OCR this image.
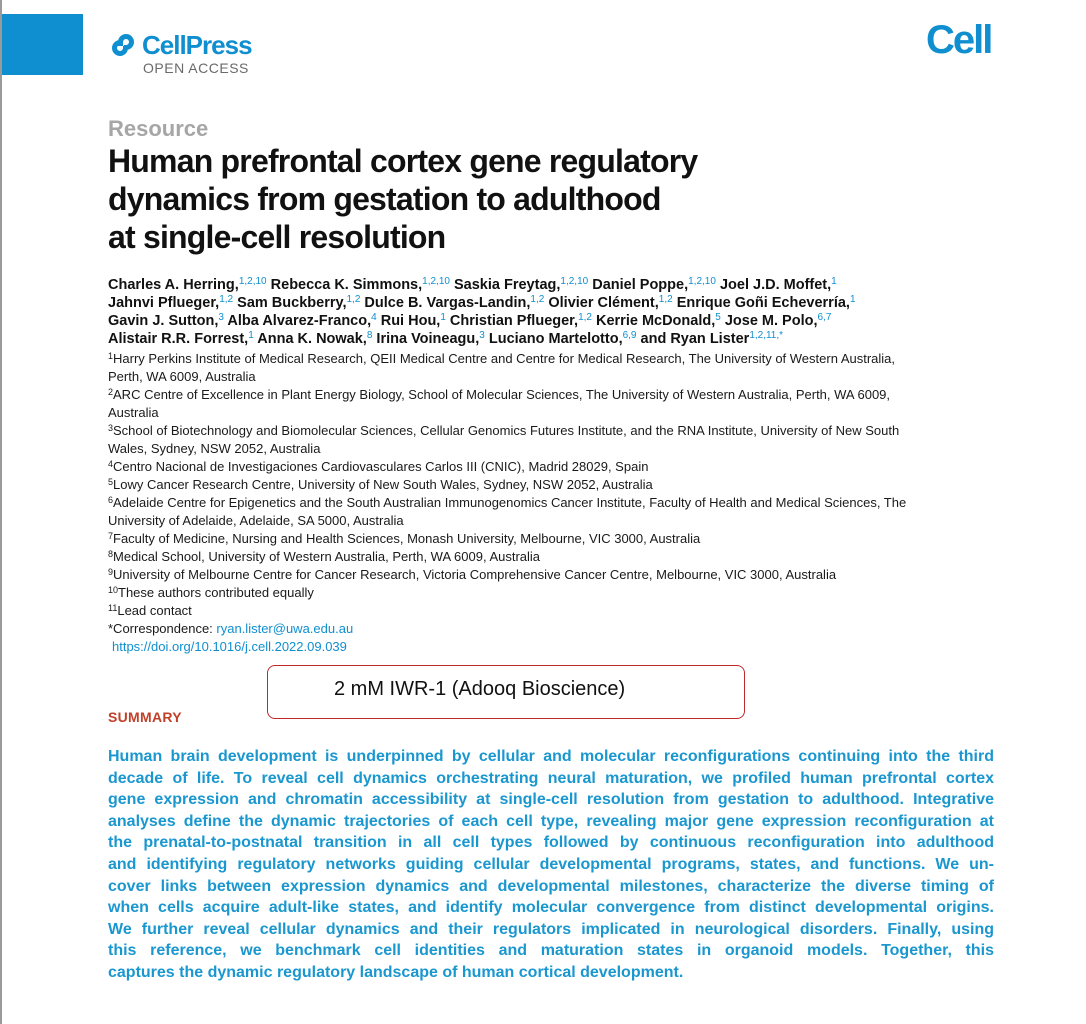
CellPress
OPEN ACCESS
Cell
Resource
Human prefrontal cortex gene regulatory
dynamics from gestation to adulthood
at single-cell resolution
Charles A. Herring,$^{1,2,10}$ Rebecca K. Simmons,$^{1,2,10}$ Saskia Freytag,$^{1,2,10}$ Daniel Poppe,$^{1,2,10}$ Joel J.D. Moffet,$^1$
Jahnvi Pflueger,$^{1,2}$ Sam Buckberry,$^{1,2}$ Dulce B. Vargas-Landin,$^{1,2}$ Olivier Clément,$^{1,2}$ Enrique Goñi Echeverría,$^1$
Gavin J. Sutton,$^3$ Alba Alvarez-Franco,$^4$ Rui Hou,$^1$ Christian Pflueger,$^{1,2}$ Kerrie McDonald,$^5$ Jose M. Polo,$^{6,7}$
Alistair R.R. Forrest,$^1$ Anna K. Nowak,$^8$ Irina Voineagu,$^3$ Luciano Martelotto,$^{6,9}$ and Ryan Lister$^{1,2,11,*}$
$^1$Harry Perkins Institute of Medical Research, QEII Medical Centre and Centre for Medical Research, The University of Western Australia,
Perth, WA 6009, Australia
$^2$ARC Centre of Excellence in Plant Energy Biology, School of Molecular Sciences, The University of Western Australia, Perth, WA 6009,
Australia
$^3$School of Biotechnology and Biomolecular Sciences, Cellular Genomics Futures Institute, and the RNA Institute, University of New South
Wales, Sydney, NSW 2052, Australia
$^4$Centro Nacional de Investigaciones Cardiovasculares Carlos III (CNIC), Madrid 28029, Spain
$^5$Lowy Cancer Research Centre, University of New South Wales, Sydney, NSW 2052, Australia
$^6$Adelaide Centre for Epigenetics and the South Australian Immunogenomics Cancer Institute, Faculty of Health and Medical Sciences, The
University of Adelaide, Adelaide, SA 5000, Australia
$^7$Faculty of Medicine, Nursing and Health Sciences, Monash University, Melbourne, VIC 3000, Australia
$^8$Medical School, University of Western Australia, Perth, WA 6009, Australia
$^9$University of Melbourne Centre for Cancer Research, Victoria Comprehensive Cancer Centre, Melbourne, VIC 3000, Australia
$^{10}$These authors contributed equally
$^{11}$Lead contact
*Correspondence: ryan.lister@uwa.edu.au
https://doi.org/10.1016/j.cell.2022.09.039
2 mM IWR-1 (Adooq Bioscience)
SUMMARY
Human brain development is underpinned by cellular and molecular reconfigurations continuing into the third
decade of life. To reveal cell dynamics orchestrating neural maturation, we profiled human prefrontal cortex
gene expression and chromatin accessibility at single-cell resolution from gestation to adulthood. Integrative
analyses define the dynamic trajectories of each cell type, revealing major gene expression reconfiguration at
the prenatal-to-postnatal transition in all cell types followed by continuous reconfiguration into adulthood
and identifying regulatory networks guiding cellular developmental programs, states, and functions. We un-
cover links between expression dynamics and developmental milestones, characterize the diverse timing of
when cells acquire adult-like states, and identify molecular convergence from distinct developmental origins.
We further reveal cellular dynamics and their regulators implicated in neurological disorders. Finally, using
this reference, we benchmark cell identities and maturation states in organoid models. Together, this
captures the dynamic regulatory landscape of human cortical development.
